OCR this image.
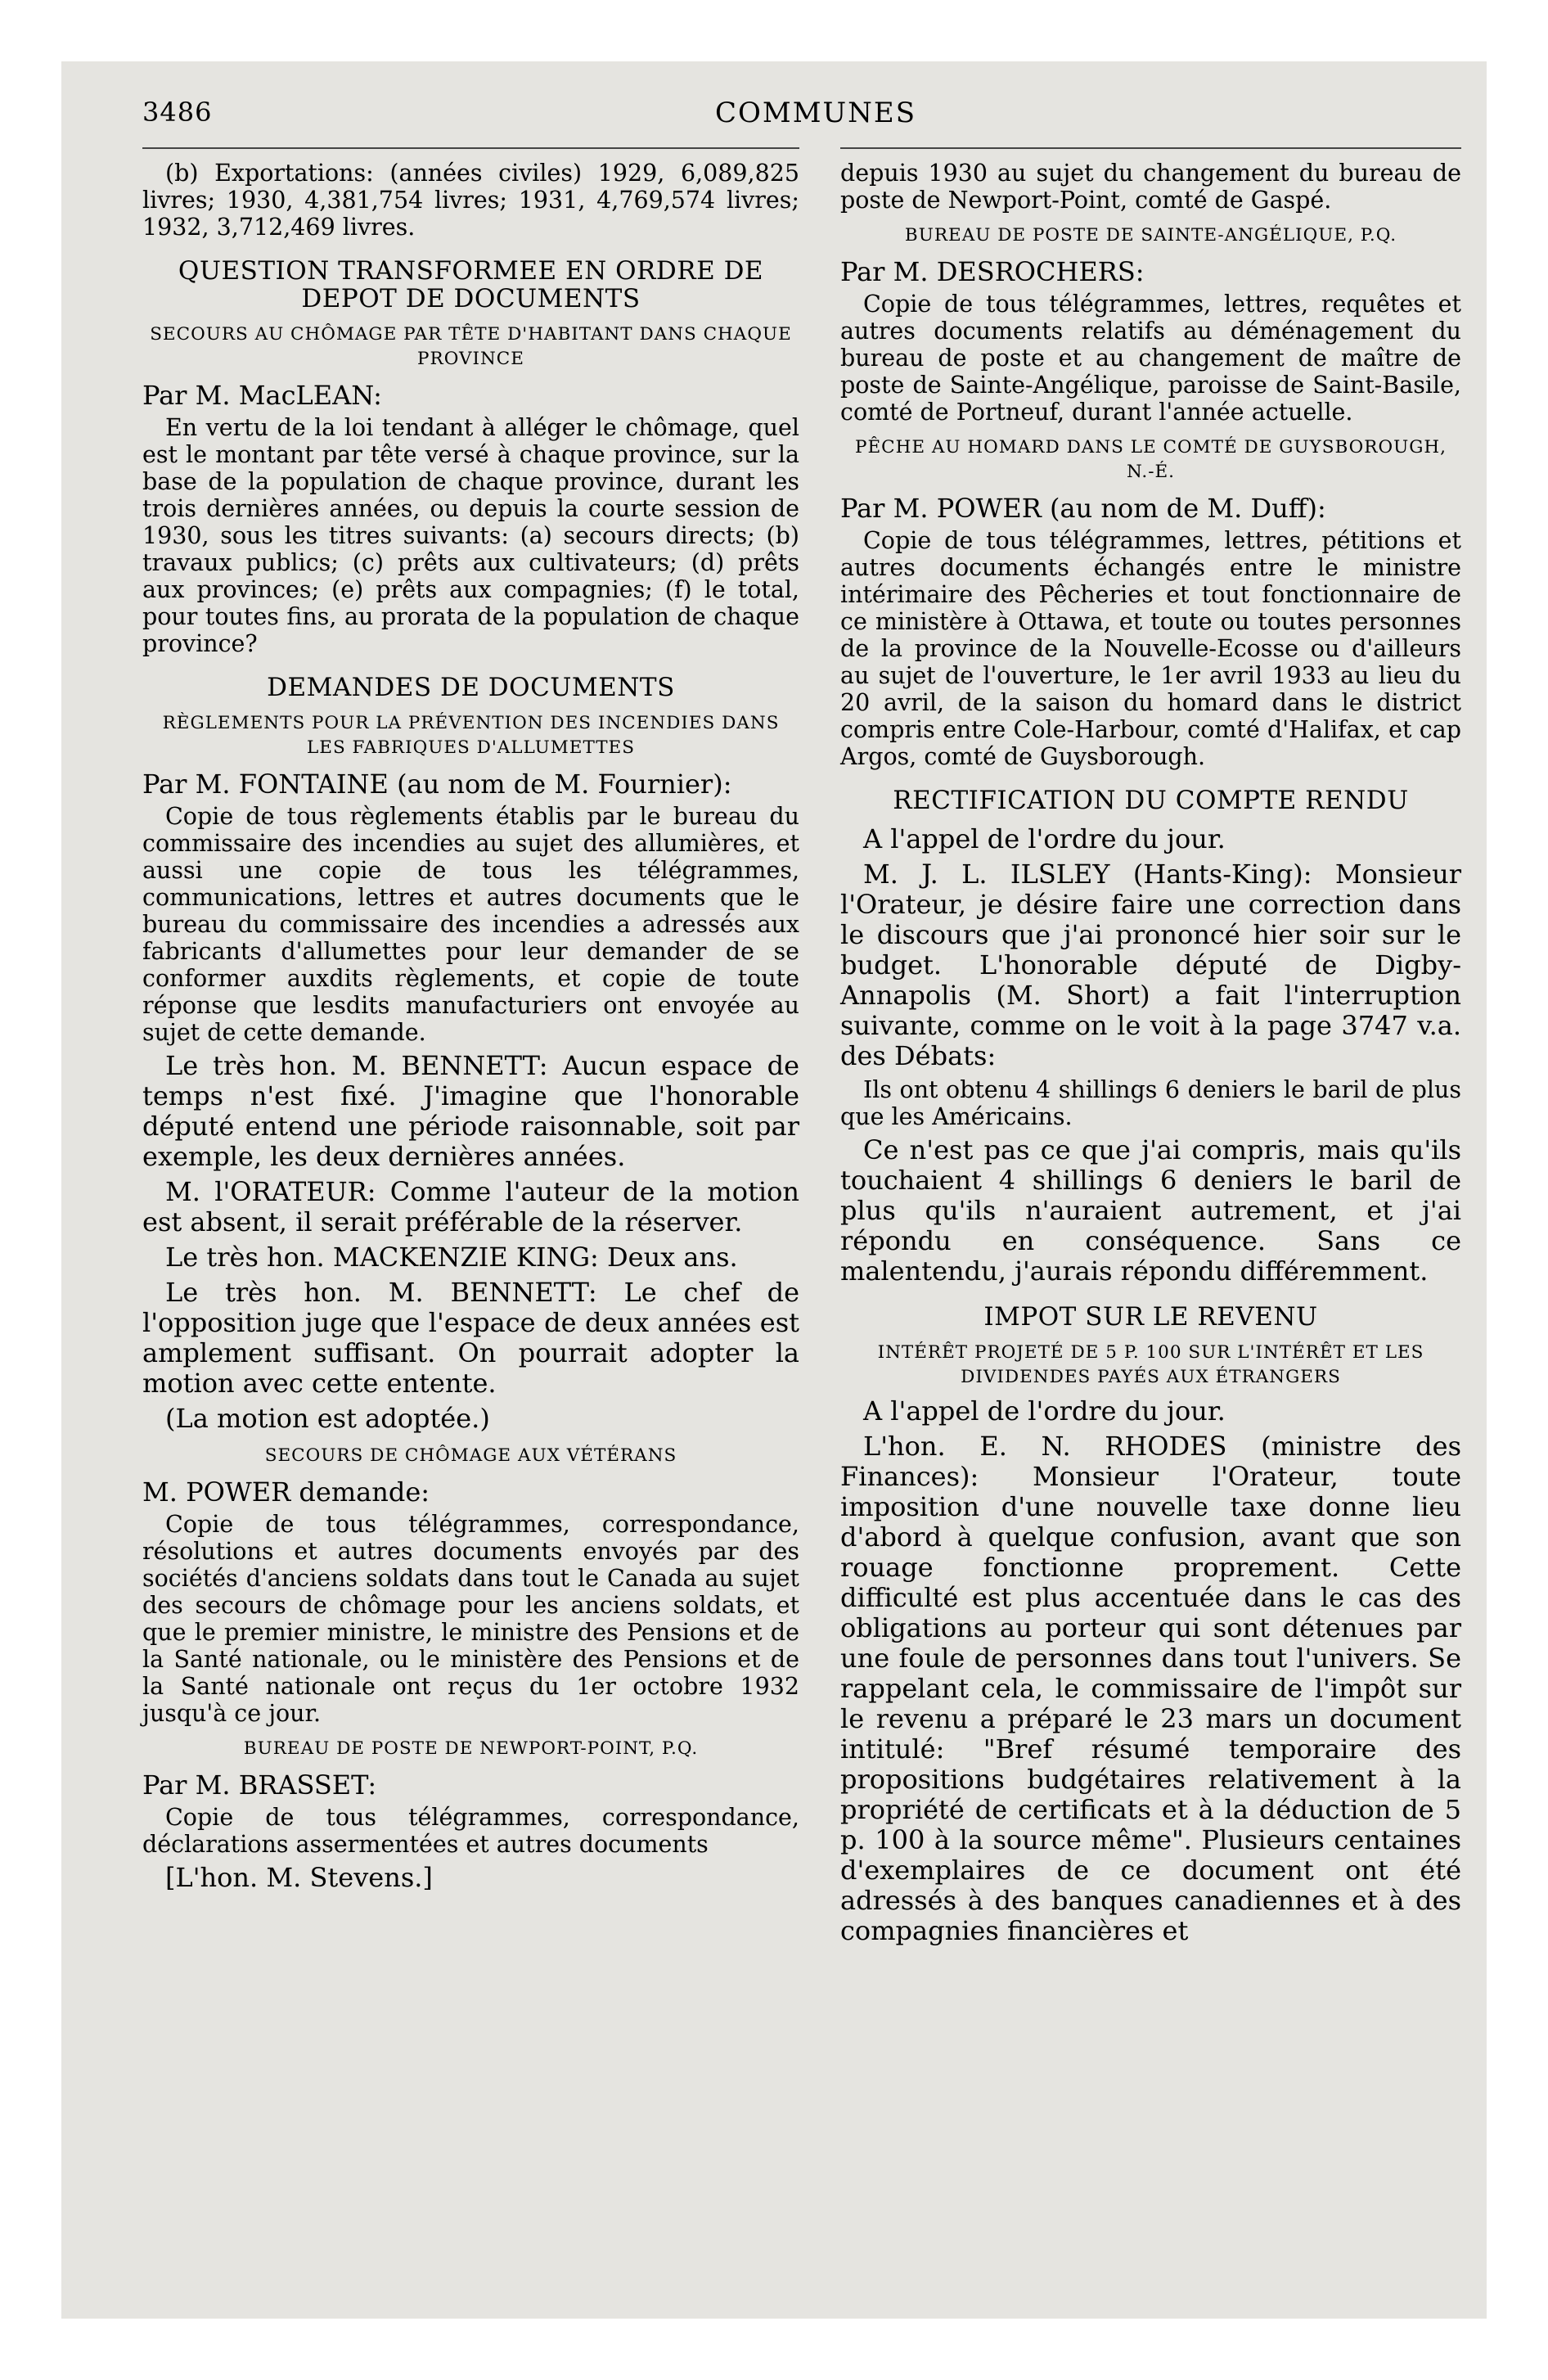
3486	COMMUNES

(b) Exportations: (années civiles) 1929, 6,089,825 livres; 1930, 4,381,754 livres; 1931, 4,769,574 livres; 1932, 3,712,469 livres.

QUESTION TRANSFORMEE EN ORDRE DE DEPOT DE DOCUMENTS
SECOURS AU CHÔMAGE PAR TÊTE D'HABITANT DANS CHAQUE PROVINCE

Par M. MacLEAN:

En vertu de la loi tendant à alléger le chômage, quel est le montant par tête versé à chaque province, sur la base de la population de chaque province, durant les trois dernières années, ou depuis la courte session de 1930, sous les titres suivants: (a) secours directs; (b) travaux publics; (c) prêts aux cultivateurs; (d) prêts aux provinces; (e) prêts aux compagnies; (f) le total, pour toutes fins, au prorata de la population de chaque province?

DEMANDES DE DOCUMENTS
RÈGLEMENTS POUR LA PRÉVENTION DES INCENDIES DANS LES FABRIQUES D'ALLUMETTES

Par M. FONTAINE (au nom de M. Fournier):

Copie de tous règlements établis par le bureau du commissaire des incendies au sujet des allumières, et aussi une copie de tous les télégrammes, communications, lettres et autres documents que le bureau du commissaire des incendies a adressés aux fabricants d'allumettes pour leur demander de se conformer auxdits règlements, et copie de toute réponse que lesdits manufacturiers ont envoyée au sujet de cette demande.

Le très hon. M. BENNETT: Aucun espace de temps n'est fixé. J'imagine que l'honorable député entend une période raisonnable, soit par exemple, les deux dernières années.

M. l'ORATEUR: Comme l'auteur de la motion est absent, il serait préférable de la réserver.

Le très hon. MACKENZIE KING: Deux ans.

Le très hon. M. BENNETT: Le chef de l'opposition juge que l'espace de deux années est amplement suffisant. On pourrait adopter la motion avec cette entente.

(La motion est adoptée.)

SECOURS DE CHÔMAGE AUX VÉTÉRANS

M. POWER demande:

Copie de tous télégrammes, correspondance, résolutions et autres documents envoyés par des sociétés d'anciens soldats dans tout le Canada au sujet des secours de chômage pour les anciens soldats, et que le premier ministre, le ministre des Pensions et de la Santé nationale, ou le ministère des Pensions et de la Santé nationale ont reçus du 1er octobre 1932 jusqu'à ce jour.

BUREAU DE POSTE DE NEWPORT-POINT, P.Q.

Par M. BRASSET:

Copie de tous télégrammes, correspondance, déclarations assermentées et autres documents

[L'hon. M. Stevens.]

depuis 1930 au sujet du changement du bureau de poste de Newport-Point, comté de Gaspé.

BUREAU DE POSTE DE SAINTE-ANGÉLIQUE, P.Q.

Par M. DESROCHERS:

Copie de tous télégrammes, lettres, requêtes et autres documents relatifs au déménagement du bureau de poste et au changement de maître de poste de Sainte-Angélique, paroisse de Saint-Basile, comté de Portneuf, durant l'année actuelle.

PÊCHE AU HOMARD DANS LE COMTÉ DE GUYSBOROUGH, N.-É.

Par M. POWER (au nom de M. Duff):

Copie de tous télégrammes, lettres, pétitions et autres documents échangés entre le ministre intérimaire des Pêcheries et tout fonctionnaire de ce ministère à Ottawa, et toute ou toutes personnes de la province de la Nouvelle-Ecosse ou d'ailleurs au sujet de l'ouverture, le 1er avril 1933 au lieu du 20 avril, de la saison du homard dans le district compris entre Cole-Harbour, comté d'Halifax, et cap Argos, comté de Guysborough.

RECTIFICATION DU COMPTE RENDU

A l'appel de l'ordre du jour.

M. J. L. ILSLEY (Hants-King): Monsieur l'Orateur, je désire faire une correction dans le discours que j'ai prononcé hier soir sur le budget. L'honorable député de Digby-Annapolis (M. Short) a fait l'interruption suivante, comme on le voit à la page 3747 v.a. des Débats:

Ils ont obtenu 4 shillings 6 deniers le baril de plus que les Américains.

Ce n'est pas ce que j'ai compris, mais qu'ils touchaient 4 shillings 6 deniers le baril de plus qu'ils n'auraient autrement, et j'ai répondu en conséquence. Sans ce malentendu, j'aurais répondu différemment.

IMPOT SUR LE REVENU
INTÉRÊT PROJETÉ DE 5 P. 100 SUR L'INTÉRÊT ET LES DIVIDENDES PAYÉS AUX ÉTRANGERS

A l'appel de l'ordre du jour.

L'hon. E. N. RHODES (ministre des Finances): Monsieur l'Orateur, toute imposition d'une nouvelle taxe donne lieu d'abord à quelque confusion, avant que son rouage fonctionne proprement. Cette difficulté est plus accentuée dans le cas des obligations au porteur qui sont détenues par une foule de personnes dans tout l'univers. Se rappelant cela, le commissaire de l'impôt sur le revenu a préparé le 23 mars un document intitulé: "Bref résumé temporaire des propositions budgétaires relativement à la propriété de certificats et à la déduction de 5 p. 100 à la source même". Plusieurs centaines d'exemplaires de ce document ont été adressés à des banques canadiennes et à des compagnies financières et
